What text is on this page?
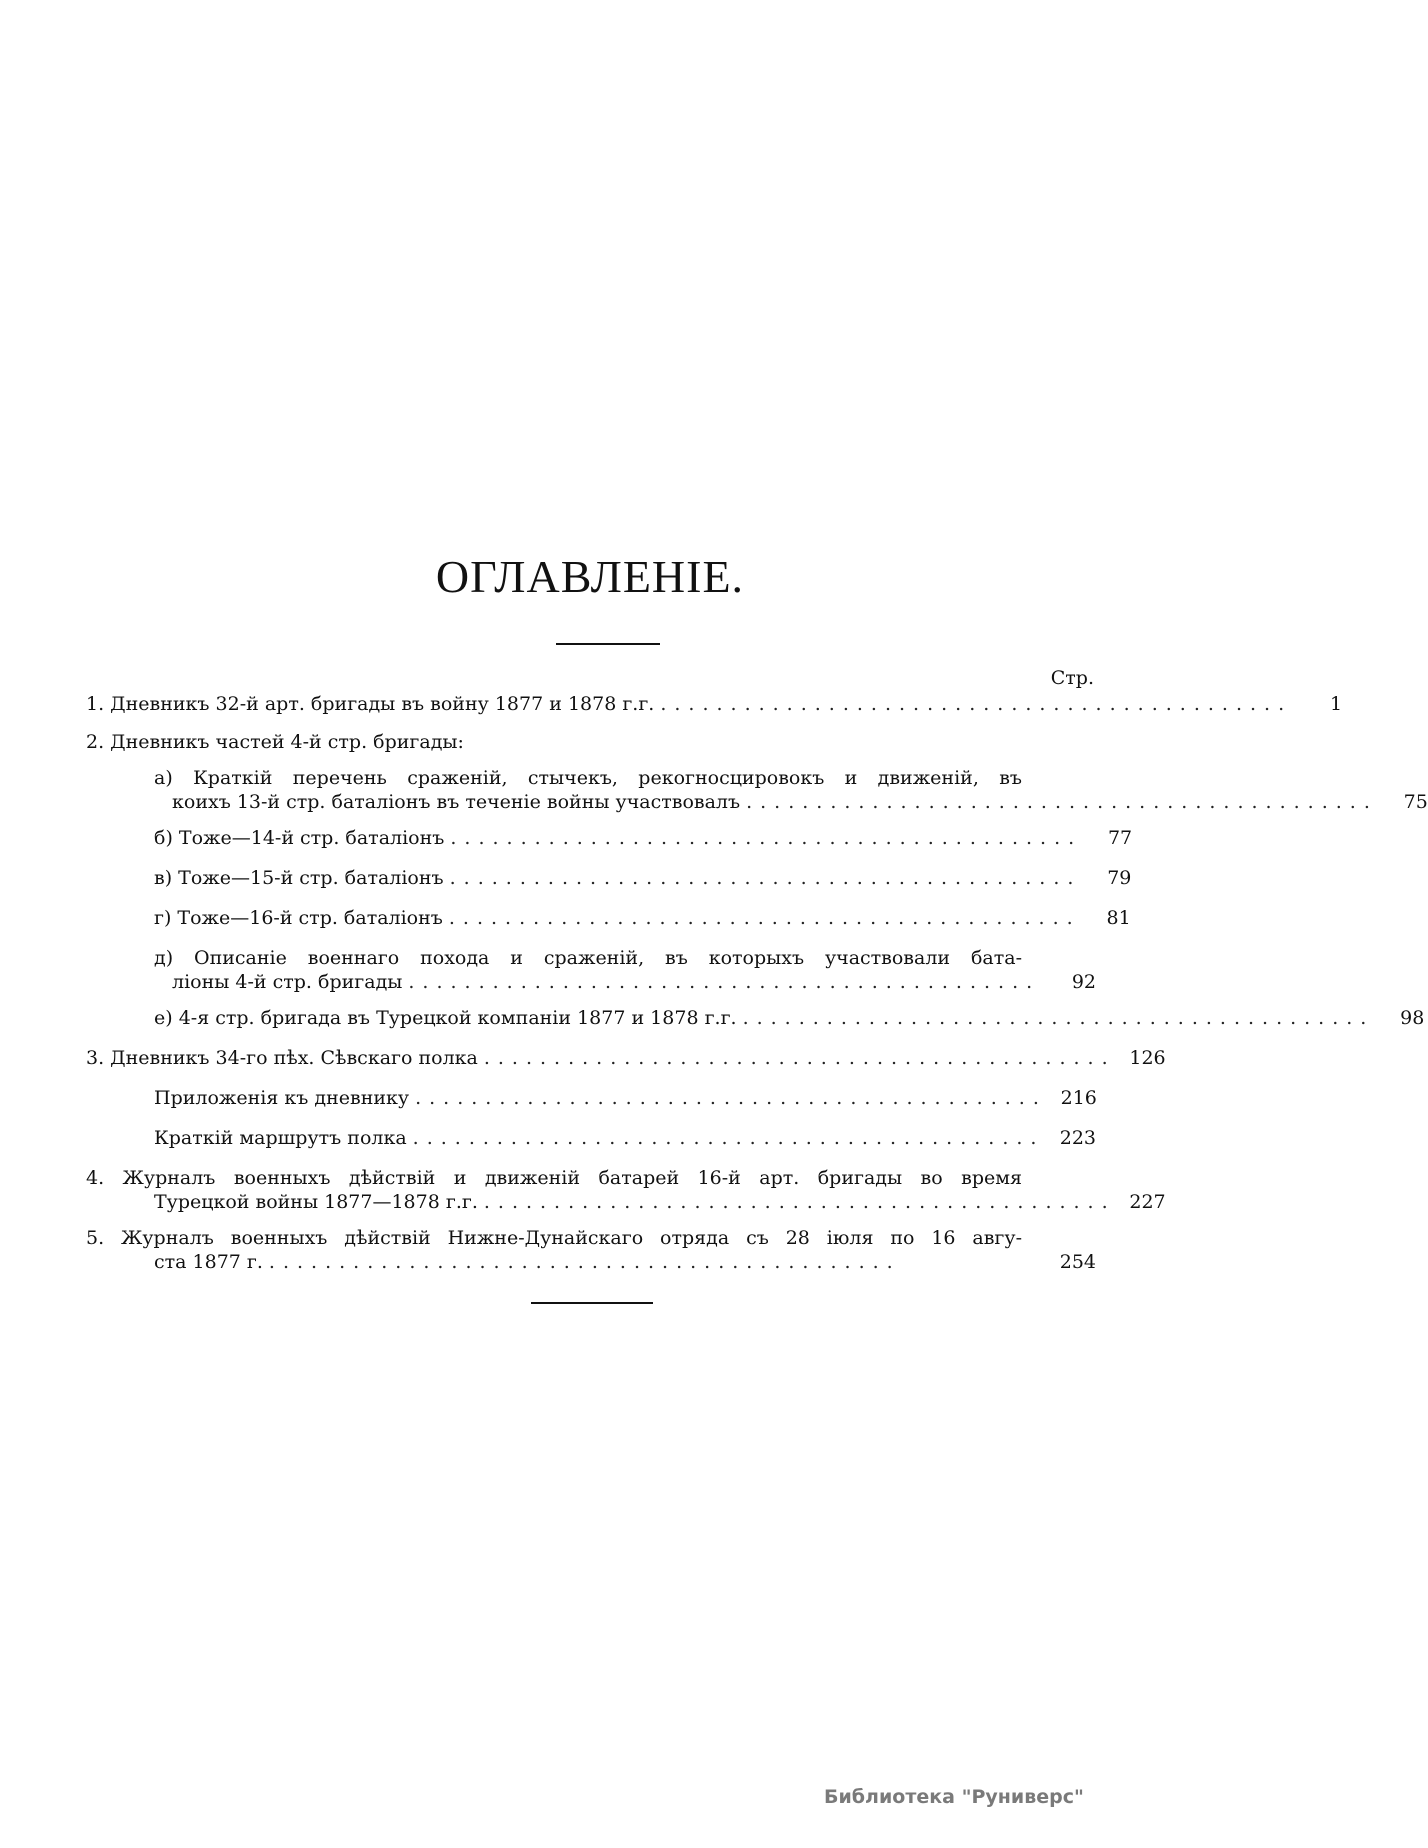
ОГЛАВЛЕНІЕ.
Стр.
1. Дневникъ 32-й арт. бригады въ войну 1877 и 1878 г.г. .............................................	1
2. Дневникъ частей 4-й стр. бригады:
а) Краткій перечень сраженій, стычекъ, рекогносцировокъ и движеній, въ
коихъ 13-й стр. баталіонъ въ теченіе войны участвовалъ .............................................	75
б) Тоже—14-й стр. баталіонъ .............................................	77
в) Тоже—15-й стр. баталіонъ .............................................	79
г) Тоже—16-й стр. баталіонъ .............................................	81
д) Описаніе военнаго похода и сраженій, въ которыхъ участвовали бата-
ліоны 4-й стр. бригады .............................................	92
е) 4-я стр. бригада въ Турецкой компаніи 1877 и 1878 г.г. .............................................	98
3. Дневникъ 34-го пѣх. Сѣвскаго полка ............................................. 126
Приложенія къ дневнику ............................................. 216
Краткій маршрутъ полка ............................................. 223
4. Журналъ военныхъ дѣйствій и движеній батарей 16-й арт. бригады во время
Турецкой войны 1877—1878 г.г. ............................................. 227
5. Журналъ военныхъ дѣйствій Нижне-Дунайскаго отряда съ 28 іюля по 16 авгу-
ста 1877 г. .............................................	254
Библиотека "Руниверс"
